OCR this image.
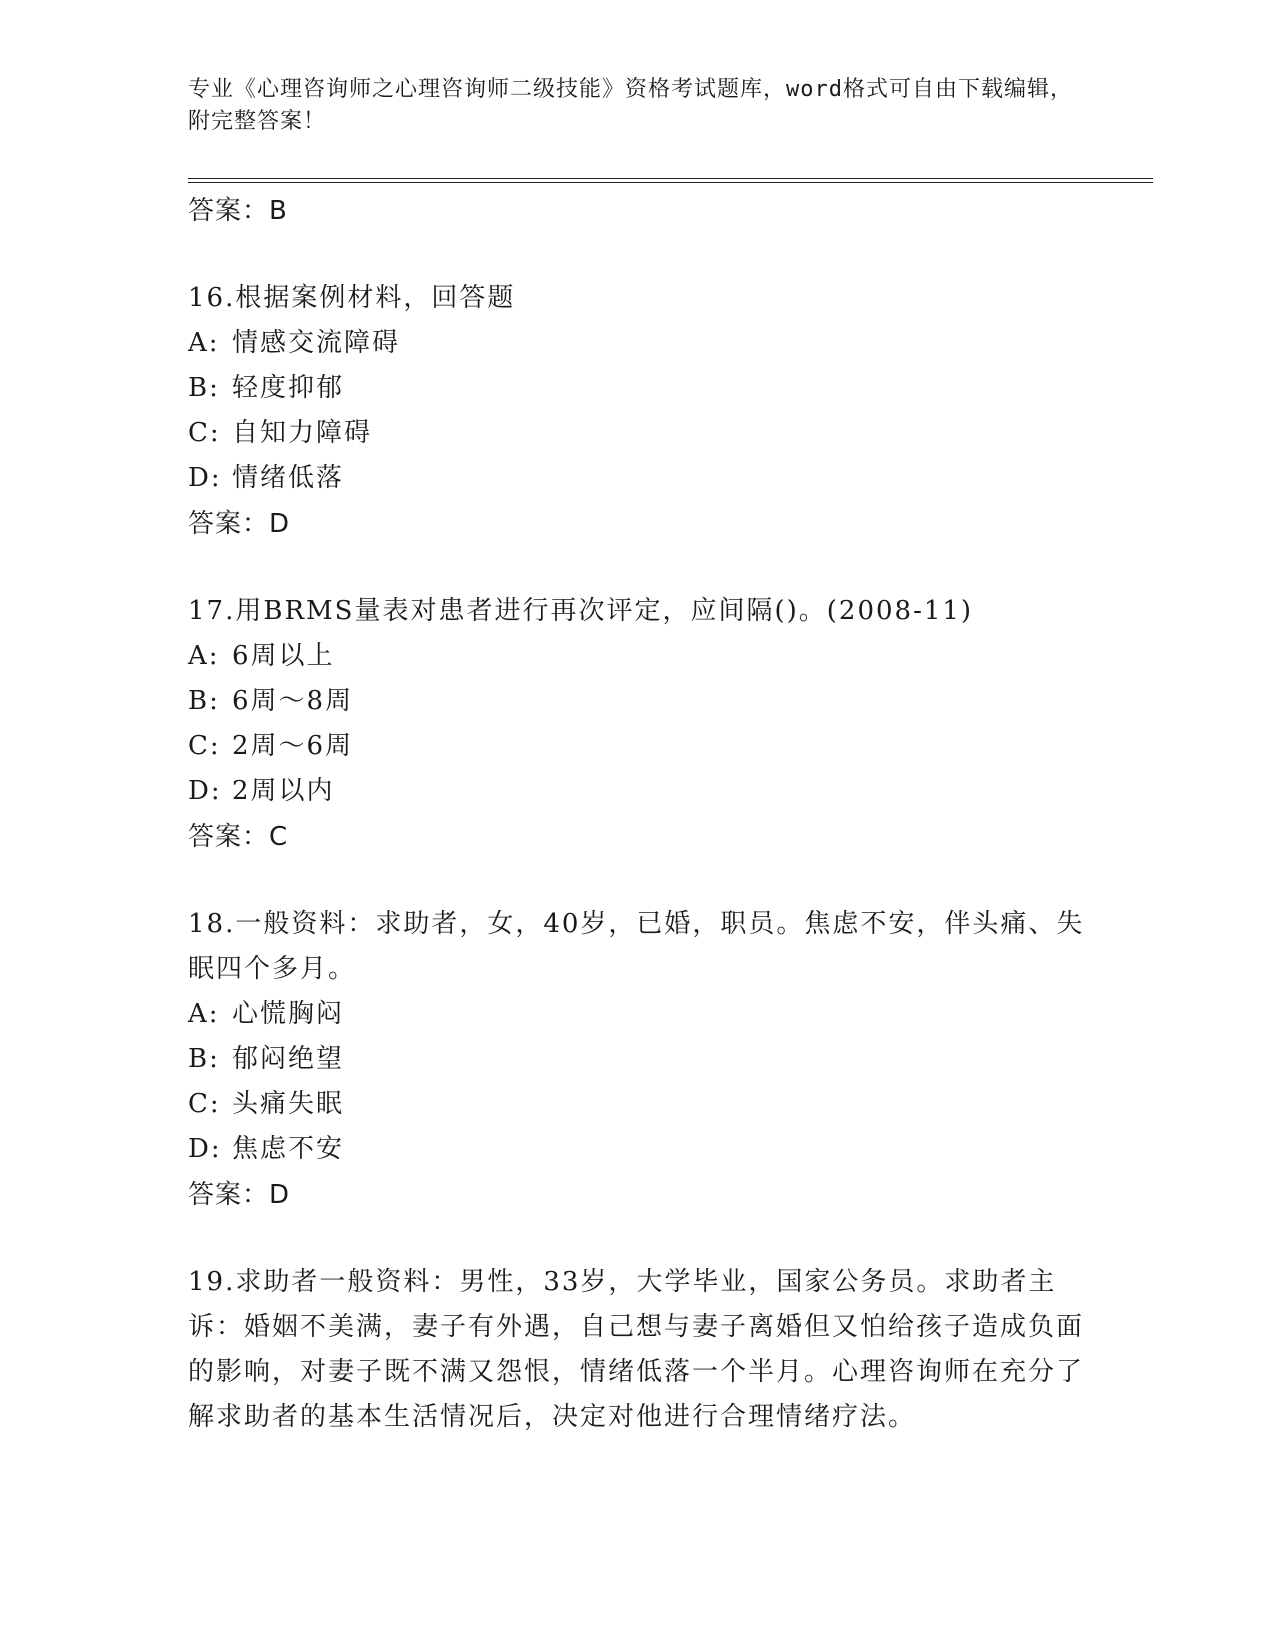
专业《心理咨询师之心理咨询师二级技能》资格考试题库，word格式可自由下载编辑，附完整答案！

答案：B

16.根据案例材料，回答题

A: 情感交流障碍

B: 轻度抑郁

C: 自知力障碍

D: 情绪低落

答案：D

17.用BRMS量表对患者进行再次评定，应间隔()。(2008-11)

A: 6周以上

B: 6周～8周

C: 2周～6周

D: 2周以内

答案：C

18.一般资料：求助者，女，40岁，已婚，职员。焦虑不安，伴头痛、失眠四个多月。

A: 心慌胸闷

B: 郁闷绝望

C: 头痛失眠

D: 焦虑不安

答案：D

19.求助者一般资料：男性，33岁，大学毕业，国家公务员。求助者主诉：婚姻不美满，妻子有外遇，自己想与妻子离婚但又怕给孩子造成负面的影响，对妻子既不满又怨恨，情绪低落一个半月。心理咨询师在充分了解求助者的基本生活情况后，决定对他进行合理情绪疗法。
